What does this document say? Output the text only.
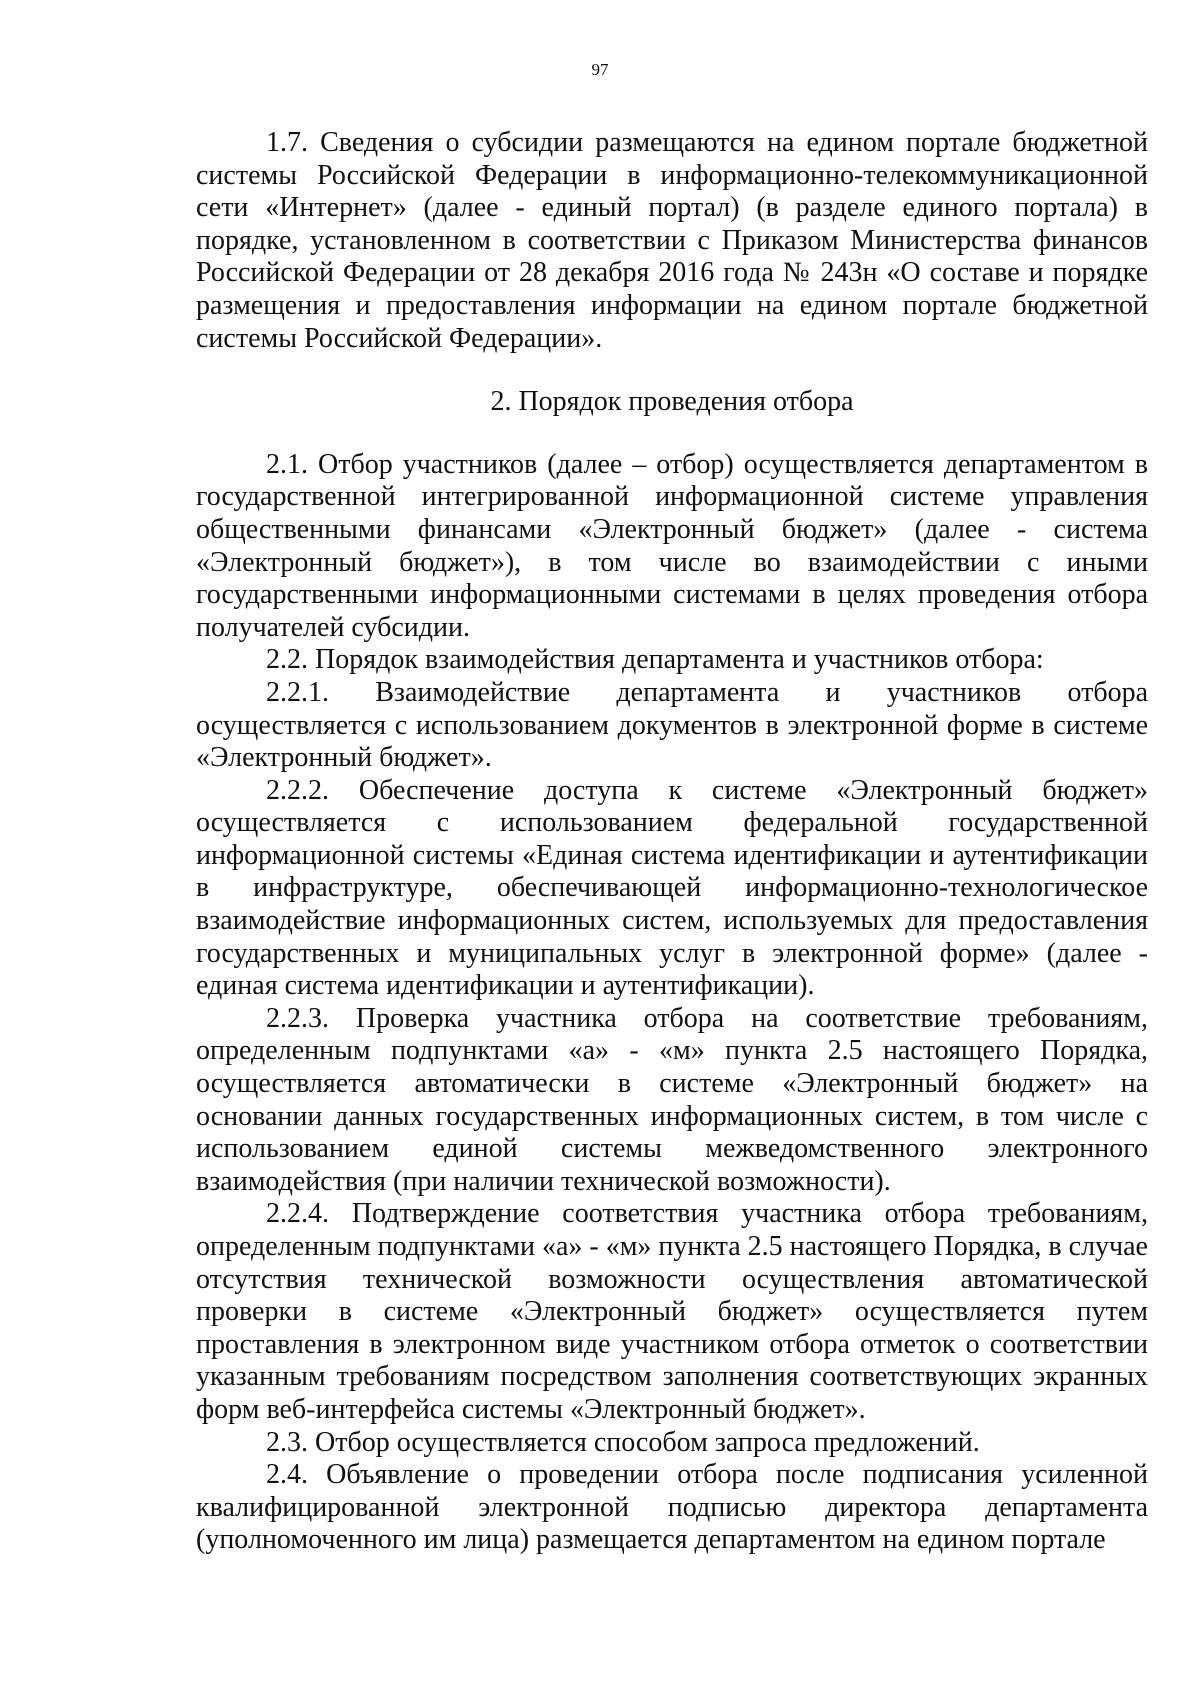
97

1.7. Сведения о субсидии размещаются на едином портале бюджетной системы Российской Федерации в информационно-телекоммуникационной сети «Интернет» (далее - единый портал) (в разделе единого портала) в порядке, установленном в соответствии с Приказом Министерства финансов Российской Федерации от 28 декабря 2016 года № 243н «О составе и порядке размещения и предоставления информации на едином портале бюджетной системы Российской Федерации».

2. Порядок проведения отбора

2.1. Отбор участников (далее – отбор) осуществляется департаментом в государственной интегрированной информационной системе управления общественными финансами «Электронный бюджет» (далее - система «Электронный бюджет»), в том числе во взаимодействии с иными государственными информационными системами в целях проведения отбора получателей субсидии.

2.2. Порядок взаимодействия департамента и участников отбора:

2.2.1. Взаимодействие департамента и участников отбора осуществляется с использованием документов в электронной форме в системе «Электронный бюджет».

2.2.2. Обеспечение доступа к системе «Электронный бюджет» осуществляется с использованием федеральной государственной информационной системы «Единая система идентификации и аутентификации в инфраструктуре, обеспечивающей информационно-технологическое взаимодействие информационных систем, используемых для предоставления государственных и муниципальных услуг в электронной форме» (далее - единая система идентификации и аутентификации).

2.2.3. Проверка участника отбора на соответствие требованиям, определенным подпунктами «а» - «м» пункта 2.5 настоящего Порядка, осуществляется автоматически в системе «Электронный бюджет» на основании данных государственных информационных систем, в том числе с использованием единой системы межведомственного электронного взаимодействия (при наличии технической возможности).

2.2.4. Подтверждение соответствия участника отбора требованиям, определенным подпунктами «а» - «м» пункта 2.5 настоящего Порядка, в случае отсутствия технической возможности осуществления автоматической проверки в системе «Электронный бюджет» осуществляется путем проставления в электронном виде участником отбора отметок о соответствии указанным требованиям посредством заполнения соответствующих экранных форм веб-интерфейса системы «Электронный бюджет».

2.3. Отбор осуществляется способом запроса предложений.

2.4. Объявление о проведении отбора после подписания усиленной квалифицированной электронной подписью директора департамента (уполномоченного им лица) размещается департаментом на едином портале
